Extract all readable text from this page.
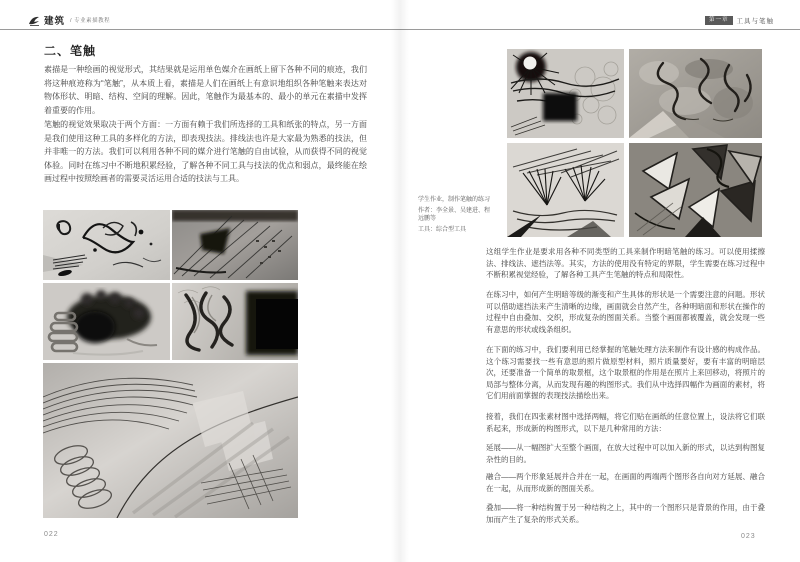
建筑 / 专业素描教程	第一章	工具与笔触
二、笔触
素描是一种绘画的视觉形式，其结果就是运用单色媒介在画纸上留下各种不同的痕迹，我们将这种痕迹称为“笔触”，从本质上看，素描是人们在画纸上有意识地组织各种笔触来表达对物体形状、明暗、结构、空间的理解。因此，笔触作为最基本的、最小的单元在素描中发挥着重要的作用。
笔触的视觉效果取决于两个方面：一方面有赖于我们所选择的工具和纸张的特点，另一方面是我们使用这种工具的多样化的方法，即表现技法。排线法也许是大家最为熟悉的技法，但并非唯一的方法。我们可以利用各种不同的媒介进行笔触的自由试验，从而获得不同的视觉体验。同时在练习中不断地积累经验，了解各种不同工具与技法的优点和弱点，最终能在绘画过程中按照绘画者的需要灵活运用合适的技法与工具。
学生作业，制作笔触的练习
作者：李全景、吴建进、程远鹏等
工具：综合型工具
这组学生作业是要求用各种不同类型的工具来制作明暗笔触的练习。可以使用揉擦法、排线法、遮挡法等。其实，方法的使用没有特定的界限，学生需要在练习过程中不断积累视觉经验，了解各种工具产生笔触的特点和局限性。
在练习中，如何产生明暗等级的渐变和产生具体的形状是一个需要注意的问题。形状可以借助遮挡法来产生清晰的边缘，画面就会自然产生，各种明暗面和形状在操作的过程中自由叠加、交织，形成复杂的图面关系。当整个画面都被覆盖，就会发现一些有意思的形状或线条组织。
在下面的练习中，我们要利用已经掌握的笔触处理方法来制作有设计感的构成作品。这个练习需要找一些有意思的照片做原型材料，照片质量要好，要有丰富的明暗层次，还要准备一个简单的取景框，这个取景框的作用是在照片上来回移动，将照片的局部与整体分离，从而发现有趣的构图形式。我们从中选择四幅作为画面的素材，将它们用前面掌握的表现技法描绘出来。
接着，我们在四张素材图中选择两幅，将它们贴在画纸的任意位置上，设法将它们联系起来，形成新的构图形式，以下是几种常用的方法：
延展——从一幅图扩大至整个画面，在放大过程中可以加入新的形式，以达到构图复杂性的目的。
融合——两个形象延展并合并在一起，在画面的两端两个图形各自向对方延展、融合在一起，从而形成新的图面关系。
叠加——将一种结构置于另一种结构之上，其中的一个图形只是背景的作用，由于叠加而产生了复杂的形式关系。
022	023
